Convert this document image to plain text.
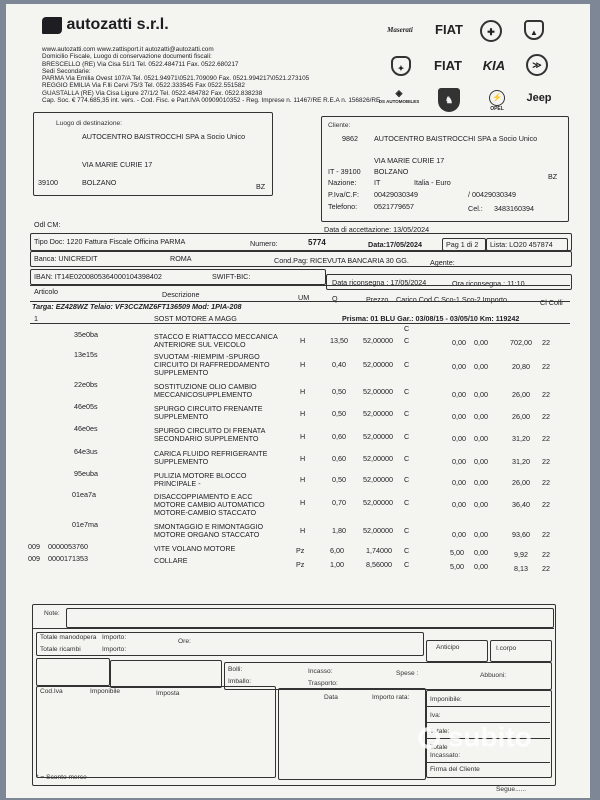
autozatti s.r.l.
www.autozatti.com www.zattisport.it autozatti@autozatti.com
Domicilio Fiscale, Luogo di conservazione documenti fiscali:
BRESCELLO (RE) Via Cisa 51/1 Tel. 0522.484711 Fax. 0522.680217
Sedi Secondarie:
PARMA Via Emilia Ovest 107/A Tel. 0521.94971\0521.709090 Fax. 0521.994217\0521.273105
REGGIO EMILIA Via F.lli Cervi 75/3 Tel. 0522.333545 Fax 0522.551582
GUASTALLA (RE) Via Cisa Ligure 27/1/2 Tel. 0522.484782 Fax. 0522.838238
Cap. Soc. € 774.685,35 int. vers. - Cod. Fisc. e Part.IVA 00909010352 - Reg. Imprese n. 11467/RE R.E.A n. 156826/RE
Maserati	FIAT	✚	▲
✦	FIAT	KIA	≫
◈
DS AUTOMOBILES	♞	⚡
OPEL
Jeep
Luogo di destinazione:
AUTOCENTRO BAISTROCCHI SPA a Socio Unico
VIA MARIE CURIE 17
39100	BOLZANO	BZ
Cliente:
9862 AUTOCENTRO BAISTROCCHI SPA a Socio Unico
VIA MARIE CURIE 17
IT - 39100 BOLZANO
BZ
Nazione: IT	Italia - Euro
P.Iva/C.F: 00429030349	/ 00429030349
Telefono: 0521779657	Cel.: 3483160394
Odl CM:
Data di accettazione: 13/05/2024
Tipo Doc: 1220 Fattura Fiscale Officina PARMA	Numero:	5774	Data:17/05/2024	Pag 1 di 2 Lista: LO20 457874
Banca: UNICREDIT	ROMA	Cond.Pag: RICEVUTA BANCARIA 30 GG.	Agente:
IBAN: IT14E0200805364000104398402	SWIFT-BIC:
Data riconsegna : 17/05/2024	Ora riconsegna : 11:10
Articolo	Descrizione	UM	Q	Prezzo Carico Cod.C Sco-1 Sco-2 Importo	Cl Colli
Targa: EZ428WZ Telaio: VF3CCZMZ6FT136509 Mod: 1PIA-208
Prisma: 01 BLU Gar.: 03/08/15 - 03/05/10 Km: 119242
1	SOST MOTORE A MAGG
C
35e0ba	STACCO E RIATTACCO MECCANICA
ANTERIORE SUL VEICOLO	H	13,50 52,00000 C	0,00 0,00	702,00 22
13e15s	SVUOTAM -RIEMPIM -SPURGO
CIRCUITO DI RAFFREDDAMENTO
SUPPLEMENTO
H	0,40 52,00000 C	0,00 0,00	20,80 22
22e0bs	SOSTITUZIONE OLIO CAMBIO
MECCANICOSUPPLEMENTO	H	0,50 52,00000 C	0,00 0,00	26,00 22
46e05s	SPURGO CIRCUITO FRENANTE
SUPPLEMENTO	H	0,50 52,00000 C	0,00 0,00	26,00 22
46e0es	SPURGO CIRCUITO DI FRENATA
SECONDARIO SUPPLEMENTO	H	0,60 52,00000 C	0,00 0,00	31,20 22
64e3us	CARICA FLUIDO REFRIGERANTE
SUPPLEMENTO	H	0,60 52,00000 C	0,00 0,00	31,20 22
95euba	PULIZIA MOTORE BLOCCO
PRINCIPALE -	H	0,50 52,00000 C	0,00 0,00	26,00 22
01ea7a	DISACCOPPIAMENTO E ACC
MOTORE CAMBIO AUTOMATICO
MOTORE-CAMBIO STACCATO
H	0,70 52,00000 C	0,00 0,00	36,40 22
01e7ma	SMONTAGGIO E RIMONTAGGIO
MOTORE ORGANO STACCATO	H	1,80 52,00000 C	0,00 0,00	93,60 22
009    0000053760	VITE VOLANO MOTORE	Pz	6,00	1,74000 C	5,00 0,00	9,92 22
009    0000171353	COLLARE	Pz	1,00	8,56000 C	5,00 0,00	8,13 22
Note:
Totale manodopera Importo:
Ore:
Totale ricambi	Importo:	Anticipo	I.corpo
Bolli:	Incasso:	Spese :	Abbuoni:
Imballo:	Trasporto:
Cod.Iva	Imponibile	Imposta
Data	Importo rata:	Imponibile:
Iva:
Totale:
Totale
Incassato:
Firma del Cliente
* = Sconto merce
Segue......
subito
